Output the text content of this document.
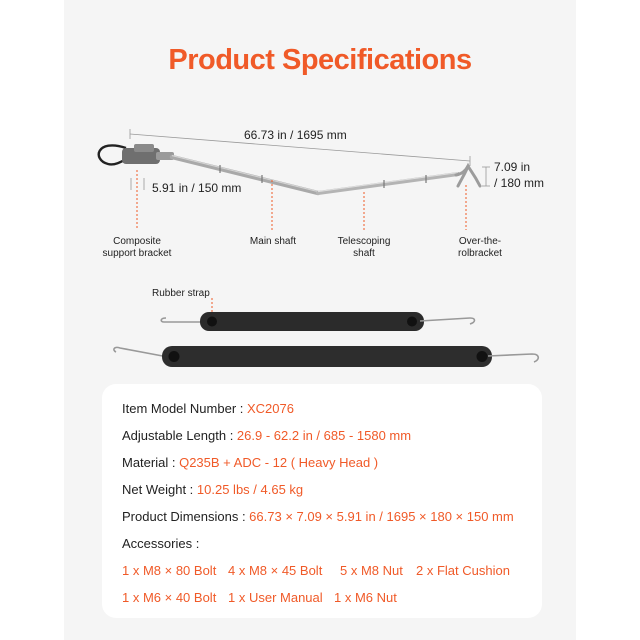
Product Specifications
66.73 in / 1695 mm
7.09 in
/ 180 mm
5.91 in / 150 mm
Composite
support bracket
Main shaft	Telescoping
shaft
Over-the-
rolbracket
Rubber strap
Item Model Number : XC2076
Adjustable Length : 26.9 - 62.2 in / 685 - 1580 mm
Material : Q235B + ADC - 12 ( Heavy Head )
Net Weight : 10.25 lbs / 4.65 kg
Product Dimensions : 66.73 × 7.09 × 5.91 in / 1695 × 180 × 150 mm
Accessories :
1 x M8 × 80 Bolt 4 x M8 × 45 Bolt 5 x M8 Nut 2 x Flat Cushion
1 x M6 × 40 Bolt 1 x User Manual 1 x M6 Nut
